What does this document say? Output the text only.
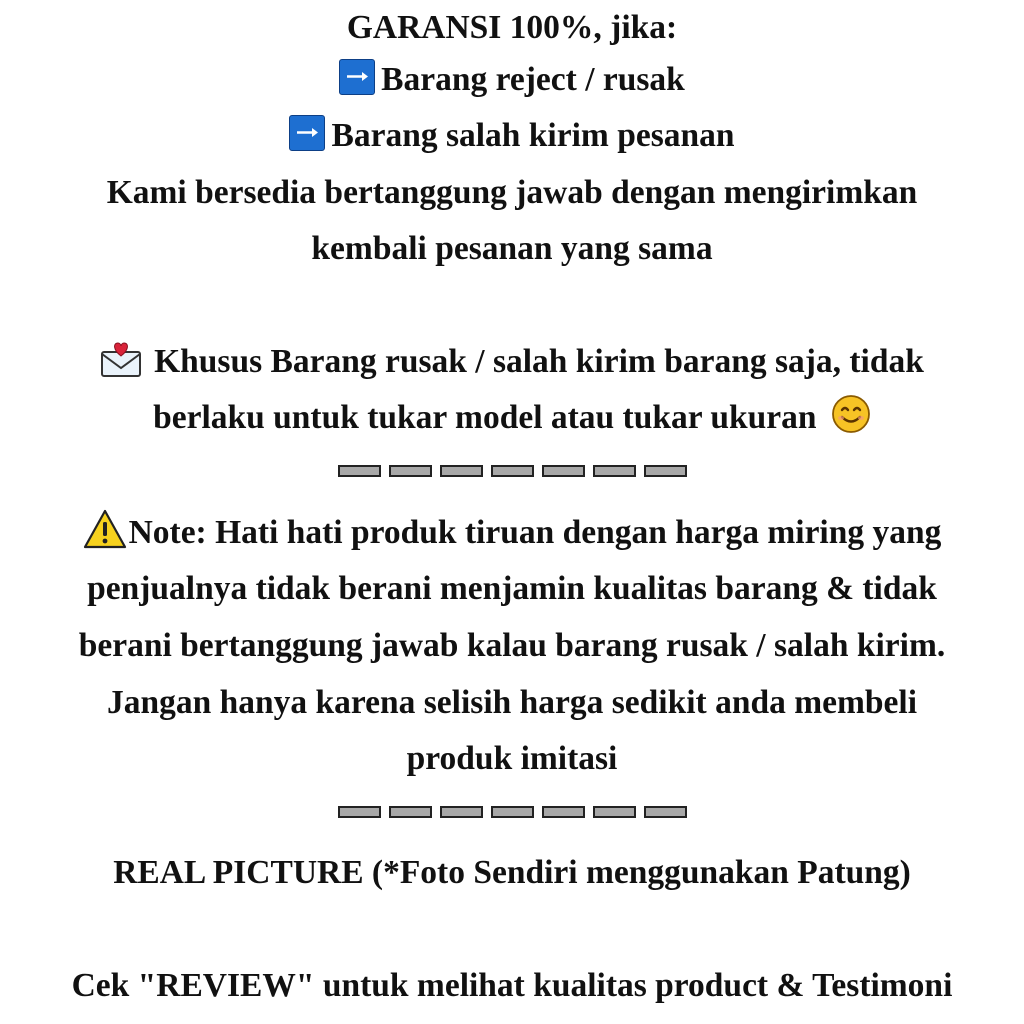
GARANSI 100%, jika:
Barang reject / rusak
Barang salah kirim pesanan
Kami bersedia bertanggung jawab dengan mengirimkan
kembali pesanan yang sama
Khusus Barang rusak / salah kirim barang saja, tidak
berlaku untuk tukar model atau tukar ukuran
Note: Hati hati produk tiruan dengan harga miring yang
penjualnya tidak berani menjamin kualitas barang & tidak
berani bertanggung jawab kalau barang rusak / salah kirim.
Jangan hanya karena selisih harga sedikit anda membeli
produk imitasi
REAL PICTURE (*Foto Sendiri menggunakan Patung)
Cek "REVIEW" untuk melihat kualitas product & Testimoni
